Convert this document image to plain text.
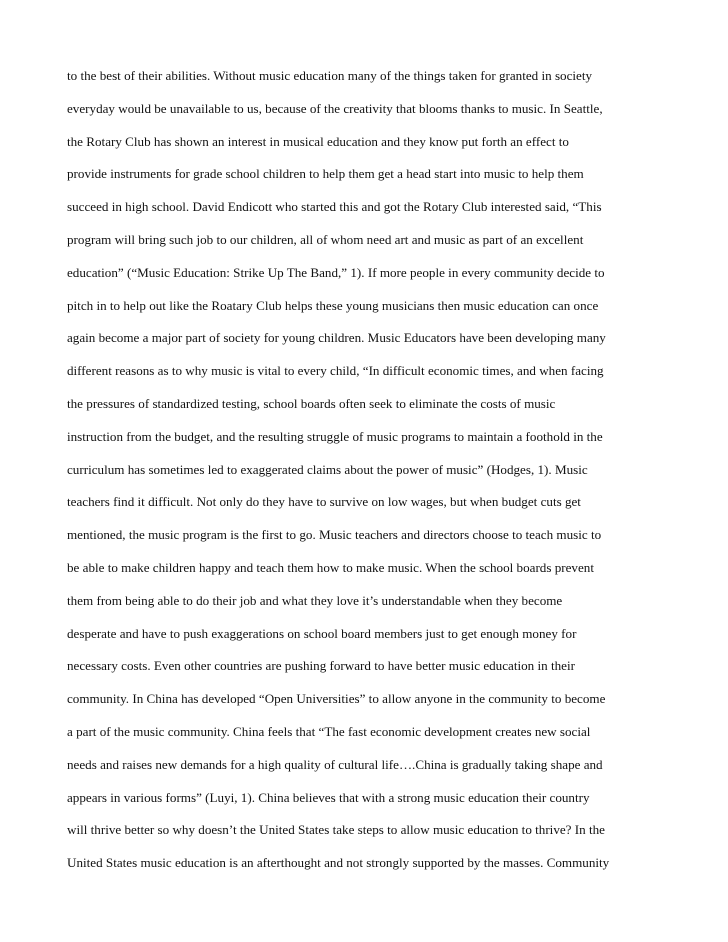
to the best of their abilities. Without music education many of the things taken for granted in society
everyday would be unavailable to us, because of the creativity that blooms thanks to music. In Seattle,
the Rotary Club has shown an interest in musical education and they know put forth an effect to
provide instruments for grade school children to help them get a head start into music to help them
succeed in high school. David Endicott who started this and got the Rotary Club interested said, “This
program will bring such job to our children, all of whom need art and music as part of an excellent
education” (“Music Education: Strike Up The Band,” 1). If more people in every community decide to
pitch in to help out like the Roatary Club helps these young musicians then music education can once
again become a major part of society for young children. Music Educators have been developing many
different reasons as to why music is vital to every child, “In difficult economic times, and when facing
the pressures of standardized testing, school boards often seek to eliminate the costs of music
instruction from the budget, and the resulting struggle of music programs to maintain a foothold in the
curriculum has sometimes led to exaggerated claims about the power of music” (Hodges, 1). Music
teachers find it difficult. Not only do they have to survive on low wages, but when budget cuts get
mentioned, the music program is the first to go. Music teachers and directors choose to teach music to
be able to make children happy and teach them how to make music. When the school boards prevent
them from being able to do their job and what they love it’s understandable when they become
desperate and have to push exaggerations on school board members just to get enough money for
necessary costs. Even other countries are pushing forward to have better music education in their
community. In China has developed “Open Universities” to allow anyone in the community to become
a part of the music community. China feels that “The fast economic development creates new social
needs and raises new demands for a high quality of cultural life….China is gradually taking shape and
appears in various forms” (Luyi, 1). China believes that with a strong music education their country
will thrive better so why doesn’t the United States take steps to allow music education to thrive? In the
United States music education is an afterthought and not strongly supported by the masses. Community
